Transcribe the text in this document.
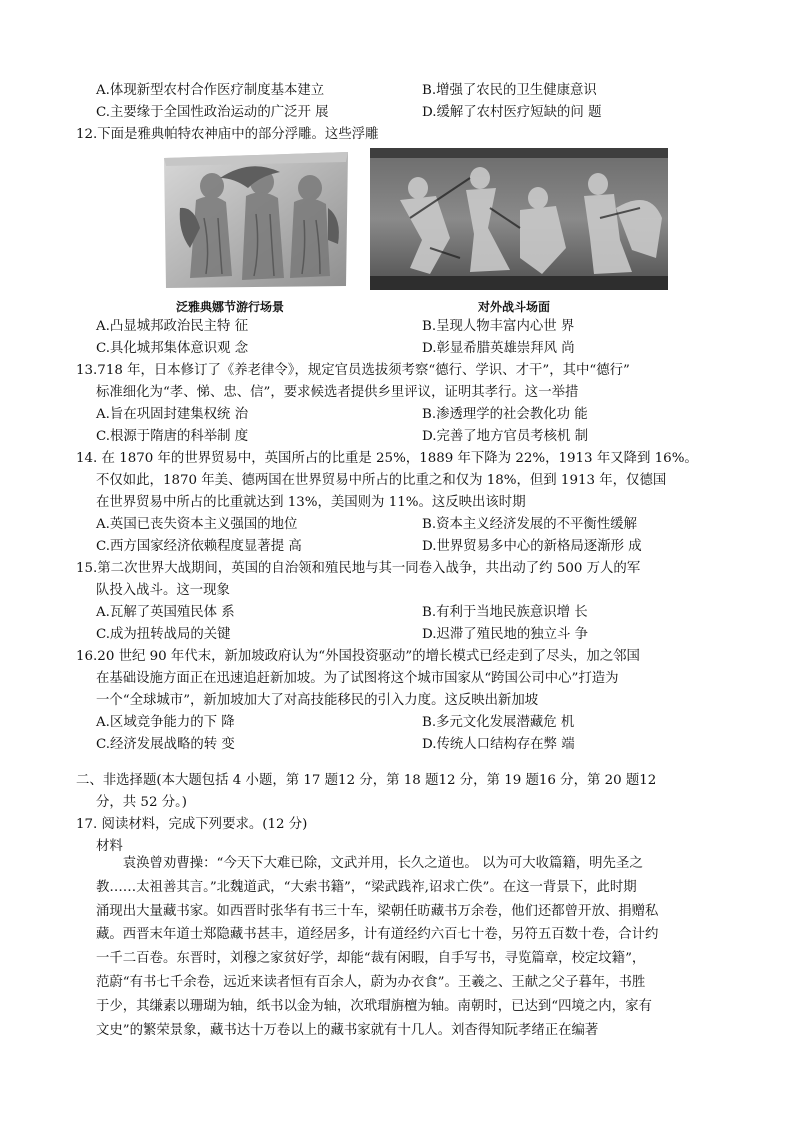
A.体现新型农村合作医疗制度基本建立	B.增强了农民的卫生健康意识
C.主要缘于全国性政治运动的广泛开 展	D.缓解了农村医疗短缺的问 题
12.下面是雅典帕特农神庙中的部分浮雕。这些浮雕
泛雅典娜节游行场景	对外战斗场面
A.凸显城邦政治民主特 征	B.呈现人物丰富内心世 界
C.具化城邦集体意识观 念	D.彰显希腊英雄崇拜风 尚
13.718 年，日本修订了《养老律令》，规定官员选拔须考察“德行、学识、才干”，其中“德行”
标准细化为“孝、悌、忠、信”，要求候选者提供乡里评议，证明其孝行。这一举措
A.旨在巩固封建集权统 治	B.渗透理学的社会教化功 能
C.根源于隋唐的科举制 度	D.完善了地方官员考核机 制
14. 在 1870 年的世界贸易中，英国所占的比重是 25%，1889 年下降为 22%，1913 年又降到 16%。
不仅如此，1870 年美、德两国在世界贸易中所占的比重之和仅为 18%，但到 1913 年，仅德国
在世界贸易中所占的比重就达到 13%，美国则为 11%。这反映出该时期
A.英国已丧失资本主义强国的地位	B.资本主义经济发展的不平衡性缓解
C.西方国家经济依赖程度显著提 高	D.世界贸易多中心的新格局逐渐形 成
15.第二次世界大战期间，英国的自治领和殖民地与其一同卷入战争，共出动了约 500 万人的军
队投入战斗。这一现象
A.瓦解了英国殖民体 系	B.有利于当地民族意识增 长
C.成为扭转战局的关键	D.迟滞了殖民地的独立斗 争
16.20 世纪 90 年代末，新加坡政府认为“外国投资驱动”的增长模式已经走到了尽头，加之邻国
在基础设施方面正在迅速追赶新加坡。为了试图将这个城市国家从“跨国公司中心”打造为
一个“全球城市”，新加坡加大了对高技能移民的引入力度。这反映出新加坡
A.区域竞争能力的下 降	B.多元文化发展潜藏危 机
C.经济发展战略的转 变	D.传统人口结构存在弊 端
二、非选择题(本大题包括 4 小题，第 17 题12 分，第 18 题12 分，第 19 题16 分，第 20 题12
分，共 52 分。)
17. 阅读材料，完成下列要求。(12 分)
材料
　　袁涣曾劝曹操：“今天下大难已除，文武并用，长久之道也。 以为可大收篇籍，明先圣之
教……太祖善其言。”北魏道武，“大索书籍”，“梁武践祚,诏求亡佚”。在这一背景下，此时期
涌现出大量藏书家。如西晋时张华有书三十车，梁朝任昉藏书万余卷，他们还都曾开放、捐赠私
藏。西晋末年道士郑隐藏书甚丰，道经居多，计有道经约六百七十卷，另符五百数十卷，合计约
一千二百卷。东晋时，刘穆之家贫好学，却能“裁有闲暇，自手写书，寻览篇章，校定坟籍”，
范蔚“有书七千余卷，远近来读者恒有百余人，蔚为办衣食”。王羲之、王献之父子暮年，书胜
于少，其缣素以珊瑚为轴，纸书以金为轴，次玳瑁旃檀为轴。南朝时，已达到“四境之内，家有
文史”的繁荣景象，藏书达十万卷以上的藏书家就有十几人。刘杳得知阮孝绪正在编著
